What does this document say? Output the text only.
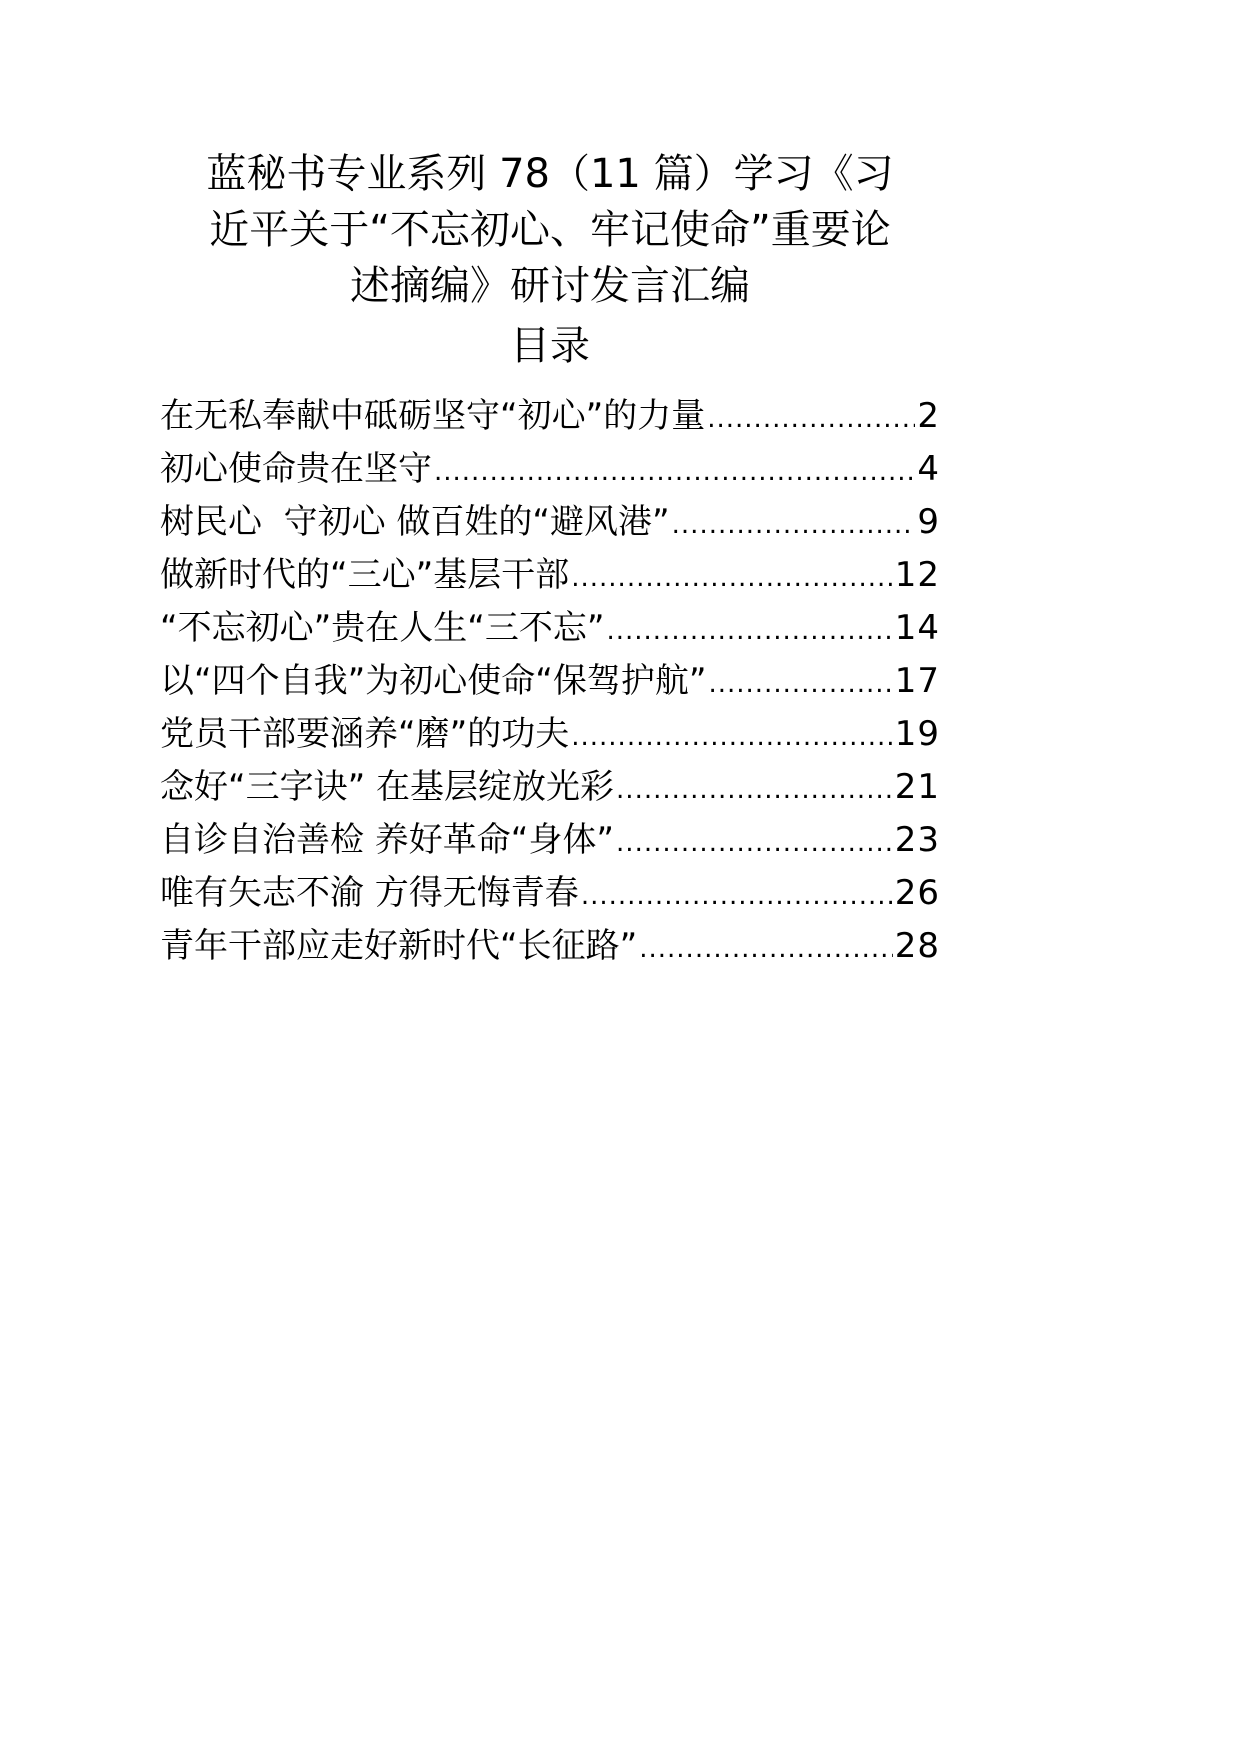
蓝秘书专业系列 78（11 篇）学习《习
近平关于“不忘初心、牢记使命”重要论
述摘编》研讨发言汇编
目录
在无私奉献中砥砺坚守“初心”的力量 .....	2
初心使命贵在坚守 .....	4
树民心  守初心 做百姓的“避风港” .....	9
做新时代的“三心”基层干部 .....	12
“不忘初心”贵在人生“三不忘” .....	14
以“四个自我”为初心使命“保驾护航” .....	17
党员干部要涵养“磨”的功夫 .....	19
念好“三字诀” 在基层绽放光彩 .....	21
自诊自治善检 养好革命“身体” .....	23
唯有矢志不渝 方得无悔青春 .....	26
青年干部应走好新时代“长征路” .....	28
